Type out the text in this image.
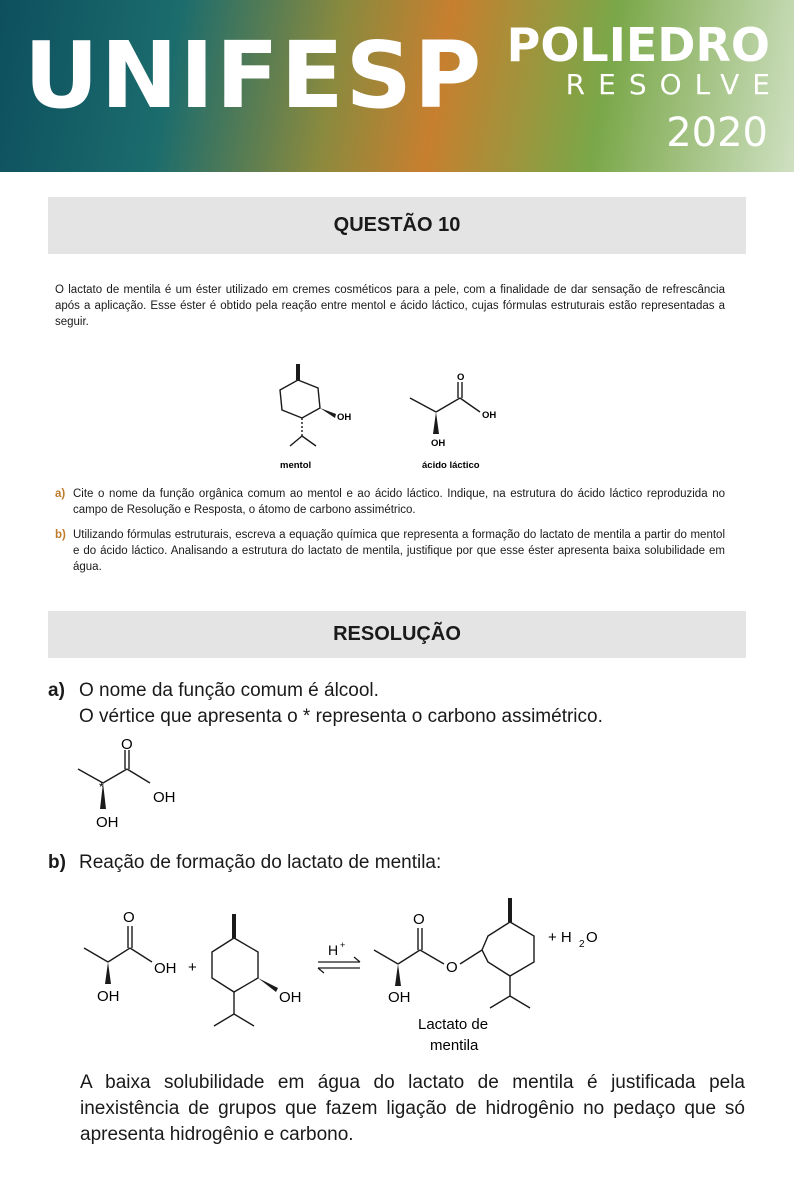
UNIFESP POLIEDRO
RESOLVE
2020
QUESTÃO 10
O lactato de mentila é um éster utilizado em cremes cosméticos para a pele, com a finalidade de dar sensação de refrescância após a aplicação. Esse éster é obtido pela reação entre mentol e ácido láctico, cujas fórmulas estruturais estão representadas a seguir.
OH
mentol
O
OH
OH
ácido láctico
a) Cite o nome da função orgânica comum ao mentol e ao ácido láctico. Indique, na estrutura do ácido láctico reproduzida no campo de Resolução e Resposta, o átomo de carbono assimétrico.
b) Utilizando fórmulas estruturais, escreva a equação química que representa a formação do lactato de mentila a partir do mentol e do ácido láctico. Analisando a estrutura do lactato de mentila, justifique por que esse éster apresenta baixa solubilidade em água.
RESOLUÇÃO
a) O nome da função comum é álcool.
O vértice que apresenta o * representa o carbono assimétrico.
O
OH
OH
*
b) Reação de formação do lactato de mentila:
O
OH
OH
+
OH
H +
O
O
OH
+ H 2 O
Lactato de
mentila
A baixa solubilidade em água do lactato de mentila é justificada pela inexistência de grupos que fazem ligação de hidrogênio no pedaço que só apresenta hidrogênio e carbono.
